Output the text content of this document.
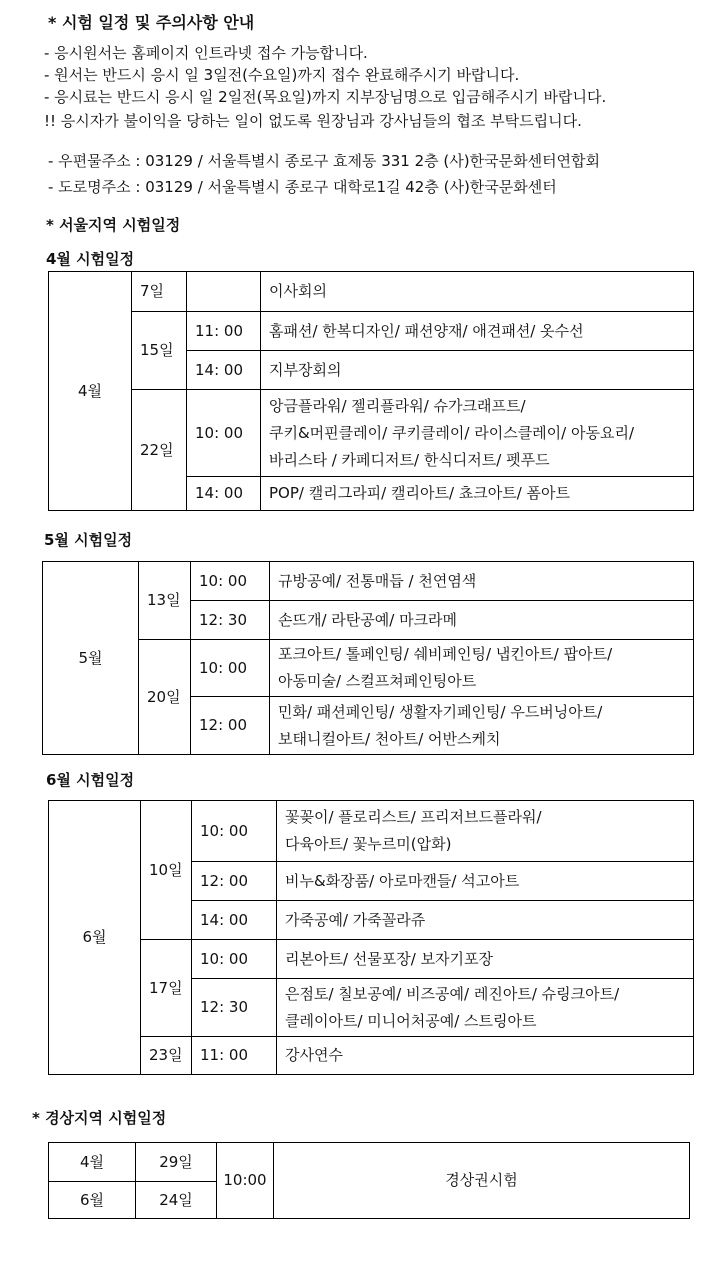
* 시험 일정 및 주의사항 안내
- 응시원서는 홈페이지 인트라넷 접수 가능합니다.
- 원서는 반드시 응시 일 3일전(수요일)까지 접수 완료해주시기 바랍니다.
- 응시료는 반드시 응시 일 2일전(목요일)까지 지부장님명으로 입금해주시기 바랍니다.
!! 응시자가 불이익을 당하는 일이 없도록 원장님과 강사님들의 협조 부탁드립니다.
- 우편물주소 : 03129 / 서울특별시 종로구 효제동 331 2층 (사)한국문화센터연합회
- 도로명주소 : 03129 / 서울특별시 종로구 대학로1길 42층 (사)한국문화센터
* 서울지역 시험일정
4월 시험일정
4월	7일		이사회의
	15일	11: 00	홈패션/ 한복디자인/ 패션양재/ 애견패션/ 옷수선
		14: 00	지부장회의
	22일	10: 00	앙금플라워/ 젤리플라워/ 슈가크래프트/
쿠키&머핀클레이/ 쿠키클레이/ 라이스클레이/ 아동요리/
바리스타 / 카페디저트/ 한식디저트/ 펫푸드

		14: 00	POP/ 캘리그라피/ 캘리아트/ 쵸크아트/ 폼아트
5월 시험일정
5월	13일	10: 00	규방공예/ 전통매듭 / 천연염색
		12: 30	손뜨개/ 라탄공예/ 마크라메
	20일	10: 00	포크아트/ 톨페인팅/ 쉐비페인팅/ 냅킨아트/ 팝아트/
아동미술/ 스컬프쳐페인팅아트

		12: 00	민화/ 패션페인팅/ 생활자기페인팅/ 우드버닝아트/
보태니컬아트/ 천아트/ 어반스케치
6월 시험일정
6월	10일	10: 00	꽃꽂이/ 플로리스트/ 프리저브드플라워/
다육아트/ 꽃누르미(압화)

		12: 00	비누&화장품/ 아로마캔들/ 석고아트
		14: 00	가죽공예/ 가죽꼴라쥬
	17일	10: 00	리본아트/ 선물포장/ 보자기포장
		12: 30	은점토/ 칠보공예/ 비즈공예/ 레진아트/ 슈링크아트/
클레이아트/ 미니어처공예/ 스트링아트

	23일	11: 00	강사연수
* 경상지역 시험일정
4월	29일	10:00	경상권시험
6월	24일		
